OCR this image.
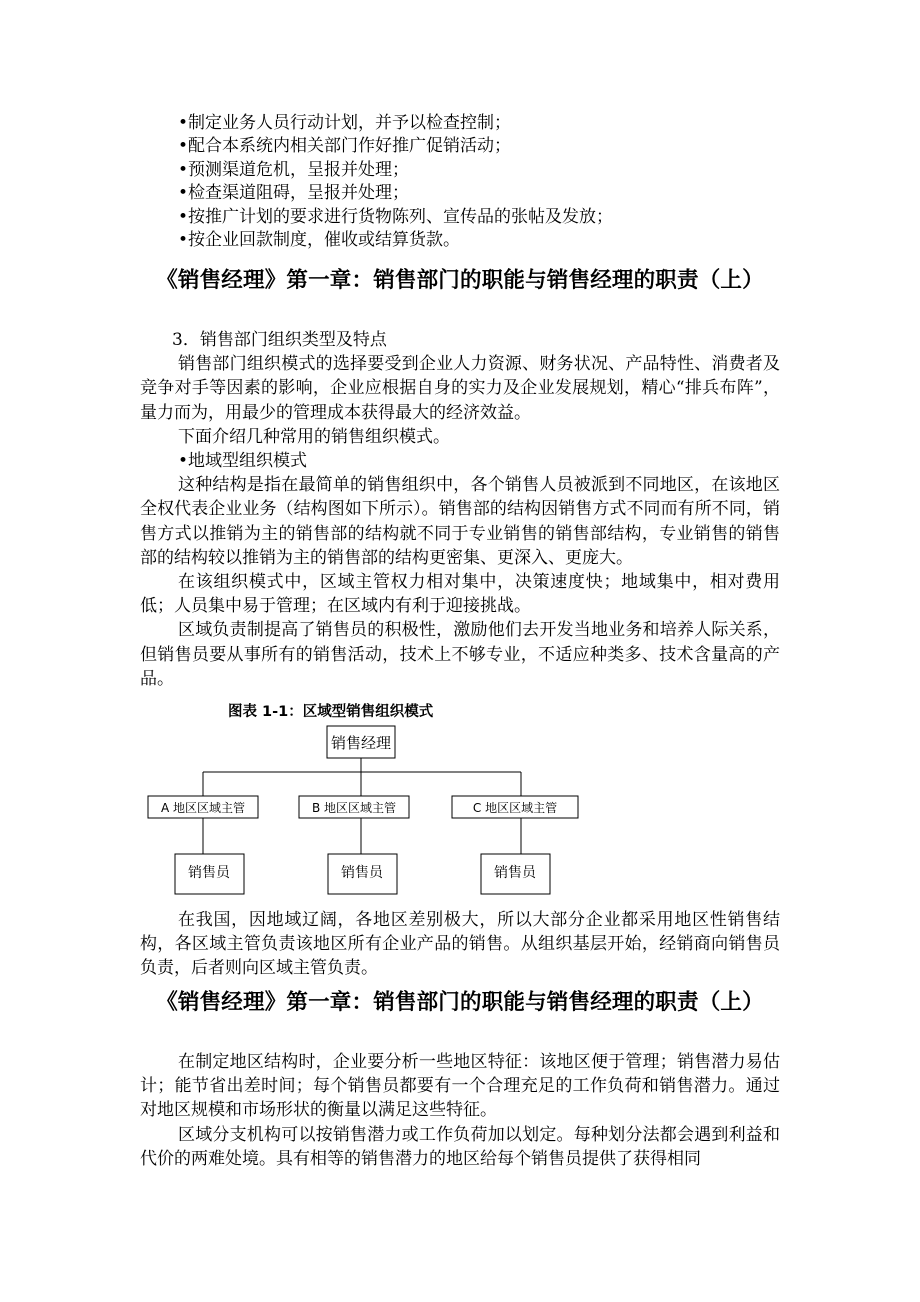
•制定业务人员行动计划，并予以检查控制；
•配合本系统内相关部门作好推广促销活动；
•预测渠道危机，呈报并处理；
•检查渠道阻碍，呈报并处理；
•按推广计划的要求进行货物陈列、宣传品的张帖及发放；
•按企业回款制度，催收或结算货款。
《销售经理》第一章：销售部门的职能与销售经理的职责（上）

3．销售部门组织类型及特点

销售部门组织模式的选择要受到企业人力资源、财务状况、产品特性、消费者及竞争对手等因素的影响，企业应根据自身的实力及企业发展规划，精心“排兵布阵”，量力而为，用最少的管理成本获得最大的经济效益。

下面介绍几种常用的销售组织模式。

•地域型组织模式

这种结构是指在最简单的销售组织中，各个销售人员被派到不同地区，在该地区全权代表企业业务（结构图如下所示）。销售部的结构因销售方式不同而有所不同，销售方式以推销为主的销售部的结构就不同于专业销售的销售部结构，专业销售的销售部的结构较以推销为主的销售部的结构更密集、更深入、更庞大。

在该组织模式中，区域主管权力相对集中，决策速度快；地域集中，相对费用低；人员集中易于管理；在区域内有利于迎接挑战。

区域负责制提高了销售员的积极性，激励他们去开发当地业务和培养人际关系，但销售员要从事所有的销售活动，技术上不够专业，不适应种类多、技术含量高的产品。

图表 1-1：区域型销售组织模式
销售经理
A 地区区域主管	B 地区区域主管	C 地区区域主管
销售员	销售员	销售员

在我国，因地域辽阔，各地区差别极大，所以大部分企业都采用地区性销售结构，各区域主管负责该地区所有企业产品的销售。从组织基层开始，经销商向销售员负责，后者则向区域主管负责。

《销售经理》第一章：销售部门的职能与销售经理的职责（上）

在制定地区结构时，企业要分析一些地区特征：该地区便于管理；销售潜力易估计；能节省出差时间；每个销售员都要有一个合理充足的工作负荷和销售潜力。通过对地区规模和市场形状的衡量以满足这些特征。

区域分支机构可以按销售潜力或工作负荷加以划定。每种划分法都会遇到利益和代价的两难处境。具有相等的销售潜力的地区给每个销售员提供了获得相同
